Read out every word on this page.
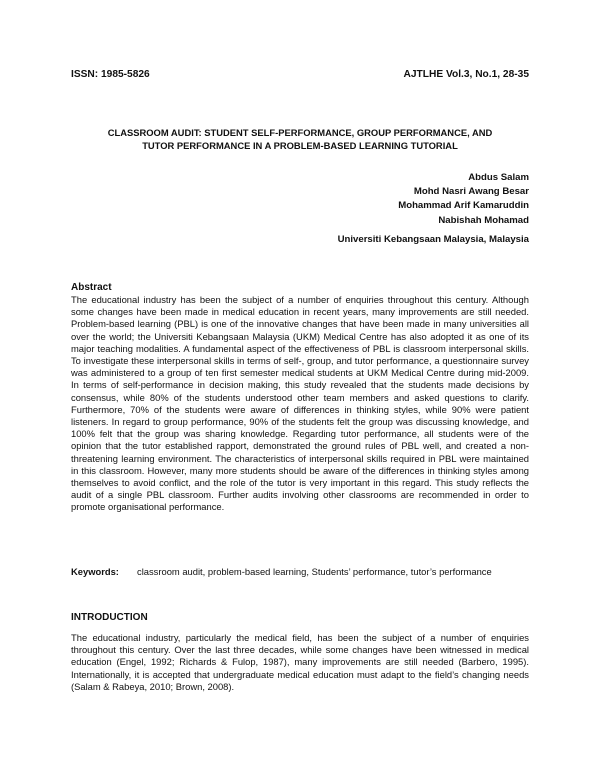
ISSN: 1985-5826	AJTLHE Vol.3, No.1, 28-35
CLASSROOM AUDIT: STUDENT SELF-PERFORMANCE, GROUP PERFORMANCE, AND
TUTOR PERFORMANCE IN A PROBLEM-BASED LEARNING TUTORIAL
Abdus Salam
Mohd Nasri Awang Besar
Mohammad Arif Kamaruddin
Nabishah Mohamad
Universiti Kebangsaan Malaysia, Malaysia
Abstract

The educational industry has been the subject of a number of enquiries throughout this century. Although some changes have been made in medical education in recent years, many improvements are still needed. Problem-based learning (PBL) is one of the innovative changes that have been made in many universities all over the world; the Universiti Kebangsaan Malaysia (UKM) Medical Centre has also adopted it as one of its major teaching modalities. A fundamental aspect of the effectiveness of PBL is classroom interpersonal skills. To investigate these interpersonal skills in terms of self-, group, and tutor performance, a questionnaire survey was administered to a group of ten first semester medical students at UKM Medical Centre during mid-2009. In terms of self-performance in decision making, this study revealed that the students made decisions by consensus, while 80% of the students understood other team members and asked questions to clarify. Furthermore, 70% of the students were aware of differences in thinking styles, while 90% were patient listeners. In regard to group performance, 90% of the students felt the group was discussing knowledge, and 100% felt that the group was sharing knowledge. Regarding tutor performance, all students were of the opinion that the tutor established rapport, demonstrated the ground rules of PBL well, and created a non-threatening learning environment. The characteristics of interpersonal skills required in PBL were maintained in this classroom. However, many more students should be aware of the differences in thinking styles among themselves to avoid conflict, and the role of the tutor is very important in this regard. This study reflects the audit of a single PBL classroom. Further audits involving other classrooms are recommended in order to promote organisational performance.

Keywords:	classroom audit, problem-based learning, Students’ performance, tutor’s performance
INTRODUCTION

The educational industry, particularly the medical field, has been the subject of a number of enquiries throughout this century. Over the last three decades, while some changes have been witnessed in medical education (Engel, 1992; Richards & Fulop, 1987), many improvements are still needed (Barbero, 1995). Internationally, it is accepted that undergraduate medical education must adapt to the field’s changing needs (Salam & Rabeya, 2010; Brown, 2008).
